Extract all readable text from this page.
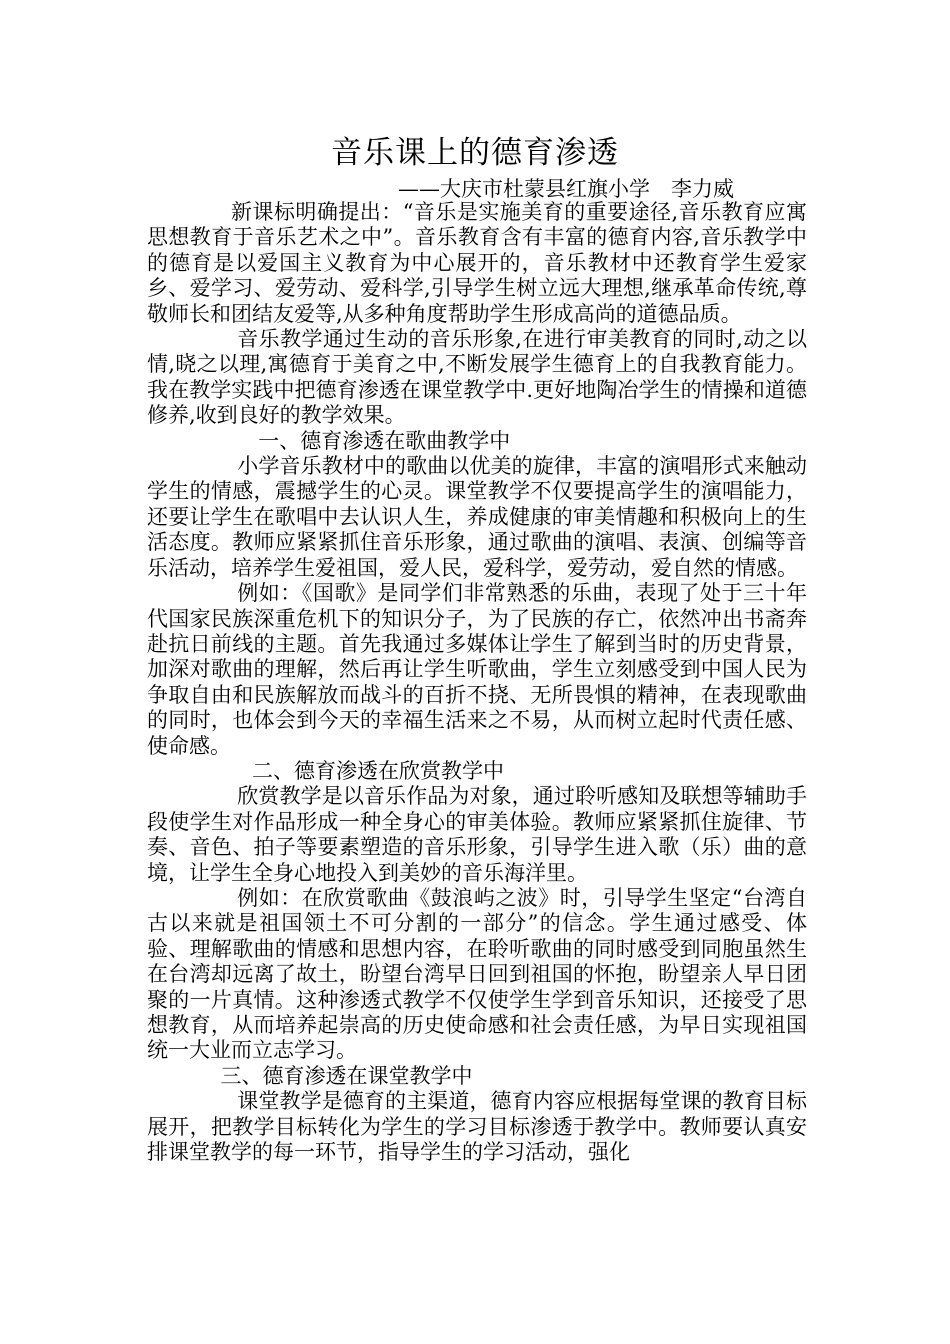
音乐课上的德育渗透
——大庆市杜蒙县红旗小学　李力威

新课标明确提出：“音乐是实施美育的重要途径,音乐教育应寓思想教育于音乐艺术之中”。音乐教育含有丰富的德育内容,音乐教学中的德育是以爱国主义教育为中心展开的，音乐教材中还教育学生爱家乡、爱学习、爱劳动、爱科学,引导学生树立远大理想,继承革命传统,尊敬师长和团结友爱等,从多种角度帮助学生形成高尚的道德品质。

音乐教学通过生动的音乐形象,在进行审美教育的同时,动之以情,晓之以理,寓德育于美育之中,不断发展学生德育上的自我教育能力。我在教学实践中把德育渗透在课堂教学中.更好地陶冶学生的情操和道德修养,收到良好的教学效果。

一、德育渗透在歌曲教学中

小学音乐教材中的歌曲以优美的旋律，丰富的演唱形式来触动学生的情感，震撼学生的心灵。课堂教学不仅要提高学生的演唱能力，还要让学生在歌唱中去认识人生，养成健康的审美情趣和积极向上的生活态度。教师应紧紧抓住音乐形象，通过歌曲的演唱、表演、创编等音乐活动，培养学生爱祖国，爱人民，爱科学，爱劳动，爱自然的情感。

例如：《国歌》是同学们非常熟悉的乐曲，表现了处于三十年代国家民族深重危机下的知识分子，为了民族的存亡，依然冲出书斋奔赴抗日前线的主题。首先我通过多媒体让学生了解到当时的历史背景，加深对歌曲的理解，然后再让学生听歌曲，学生立刻感受到中国人民为争取自由和民族解放而战斗的百折不挠、无所畏惧的精神，在表现歌曲的同时，也体会到今天的幸福生活来之不易，从而树立起时代责任感、使命感。

二、德育渗透在欣赏教学中

欣赏教学是以音乐作品为对象，通过聆听感知及联想等辅助手段使学生对作品形成一种全身心的审美体验。教师应紧紧抓住旋律、节奏、音色、拍子等要素塑造的音乐形象，引导学生进入歌（乐）曲的意境，让学生全身心地投入到美妙的音乐海洋里。

例如：在欣赏歌曲《鼓浪屿之波》时，引导学生坚定“台湾自古以来就是祖国领土不可分割的一部分”的信念。学生通过感受、体验、理解歌曲的情感和思想内容，在聆听歌曲的同时感受到同胞虽然生在台湾却远离了故土，盼望台湾早日回到祖国的怀抱，盼望亲人早日团聚的一片真情。这种渗透式教学不仅使学生学到音乐知识，还接受了思想教育，从而培养起崇高的历史使命感和社会责任感，为早日实现祖国统一大业而立志学习。

三、德育渗透在课堂教学中

课堂教学是德育的主渠道，德育内容应根据每堂课的教育目标展开，把教学目标转化为学生的学习目标渗透于教学中。教师要认真安排课堂教学的每一环节，指导学生的学习活动，强化
